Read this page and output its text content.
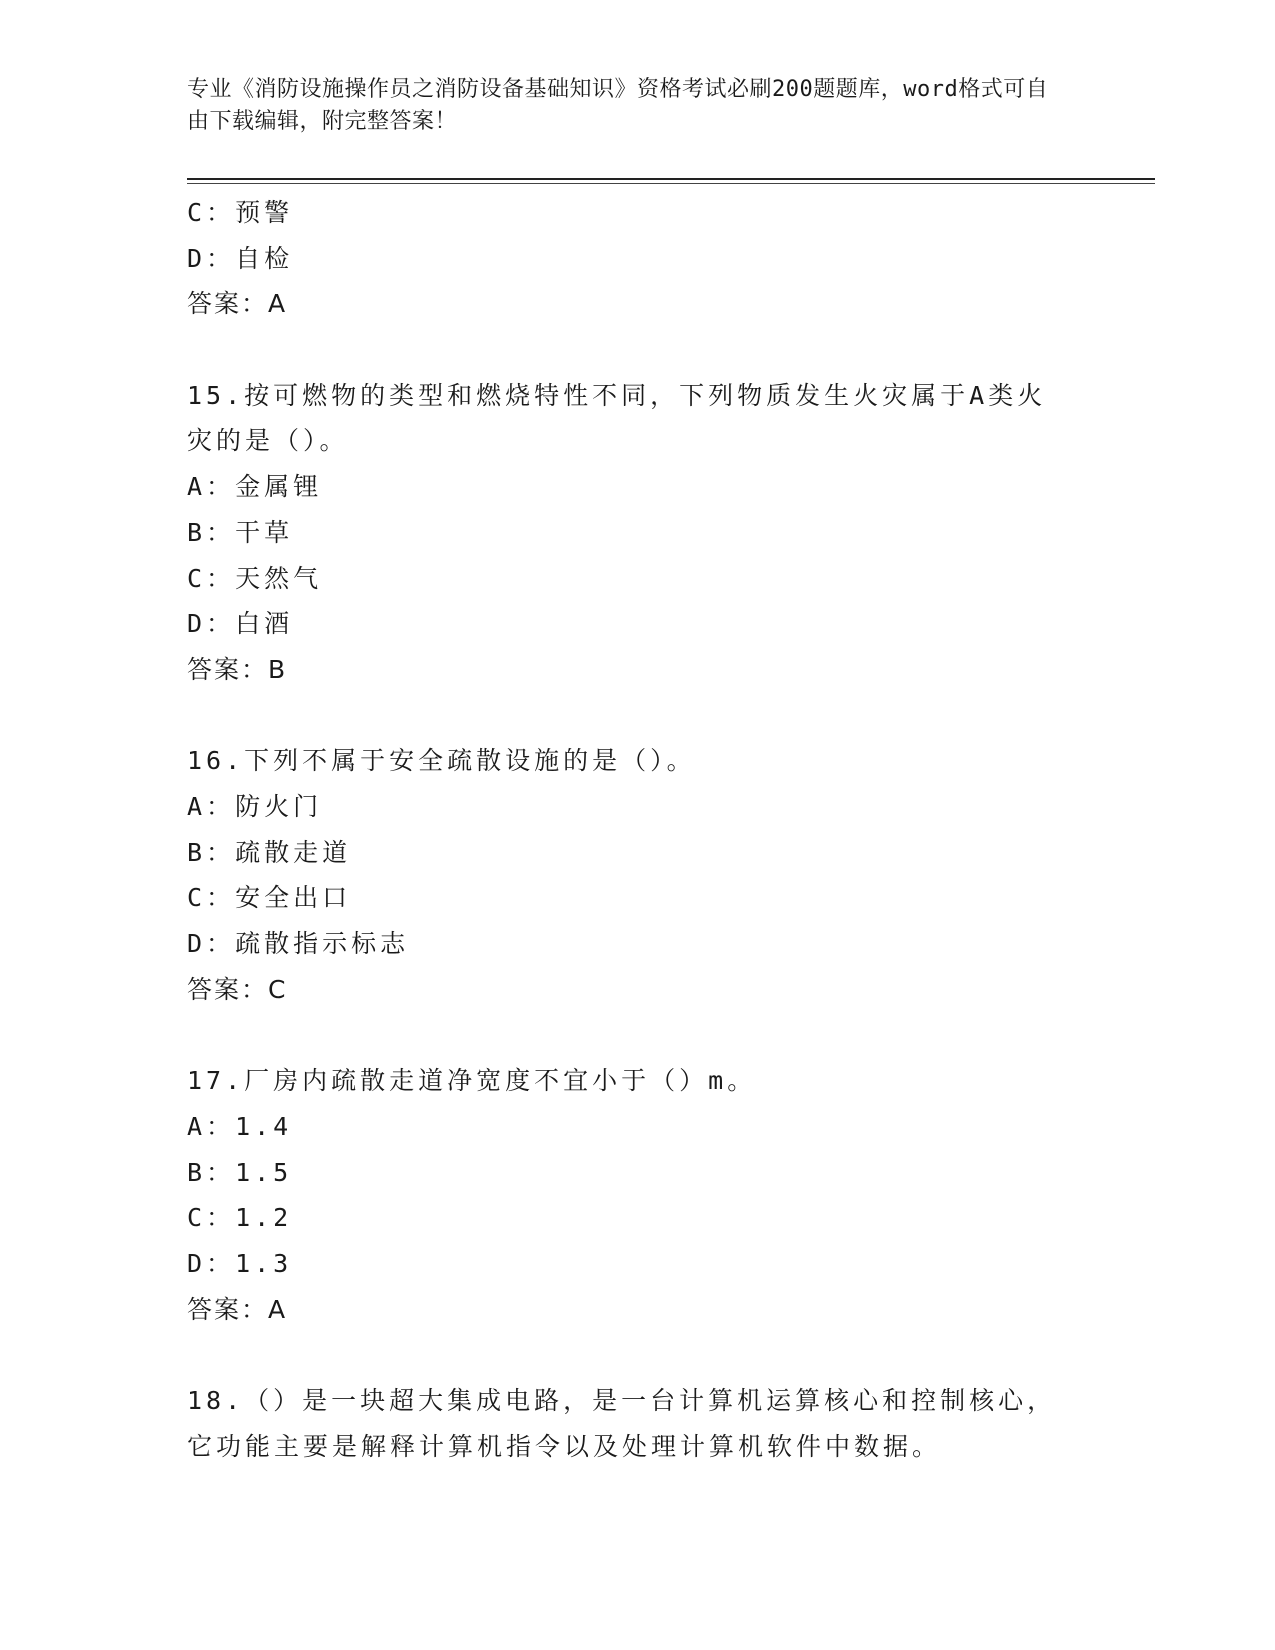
专业《消防设施操作员之消防设备基础知识》资格考试必刷200题题库，word格式可自由下载编辑，附完整答案！
C：预警
D：自检
答案：A
15.按可燃物的类型和燃烧特性不同，下列物质发生火灾属于A类火灾的是（）。
A：金属锂
B：干草
C：天然气
D：白酒
答案：B
16.下列不属于安全疏散设施的是（）。
A：防火门
B：疏散走道
C：安全出口
D：疏散指示标志
答案：C
17.厂房内疏散走道净宽度不宜小于（）m。
A：1.4
B：1.5
C：1.2
D：1.3
答案：A
18.（）是一块超大集成电路，是一台计算机运算核心和控制核心，它功能主要是解释计算机指令以及处理计算机软件中数据。
